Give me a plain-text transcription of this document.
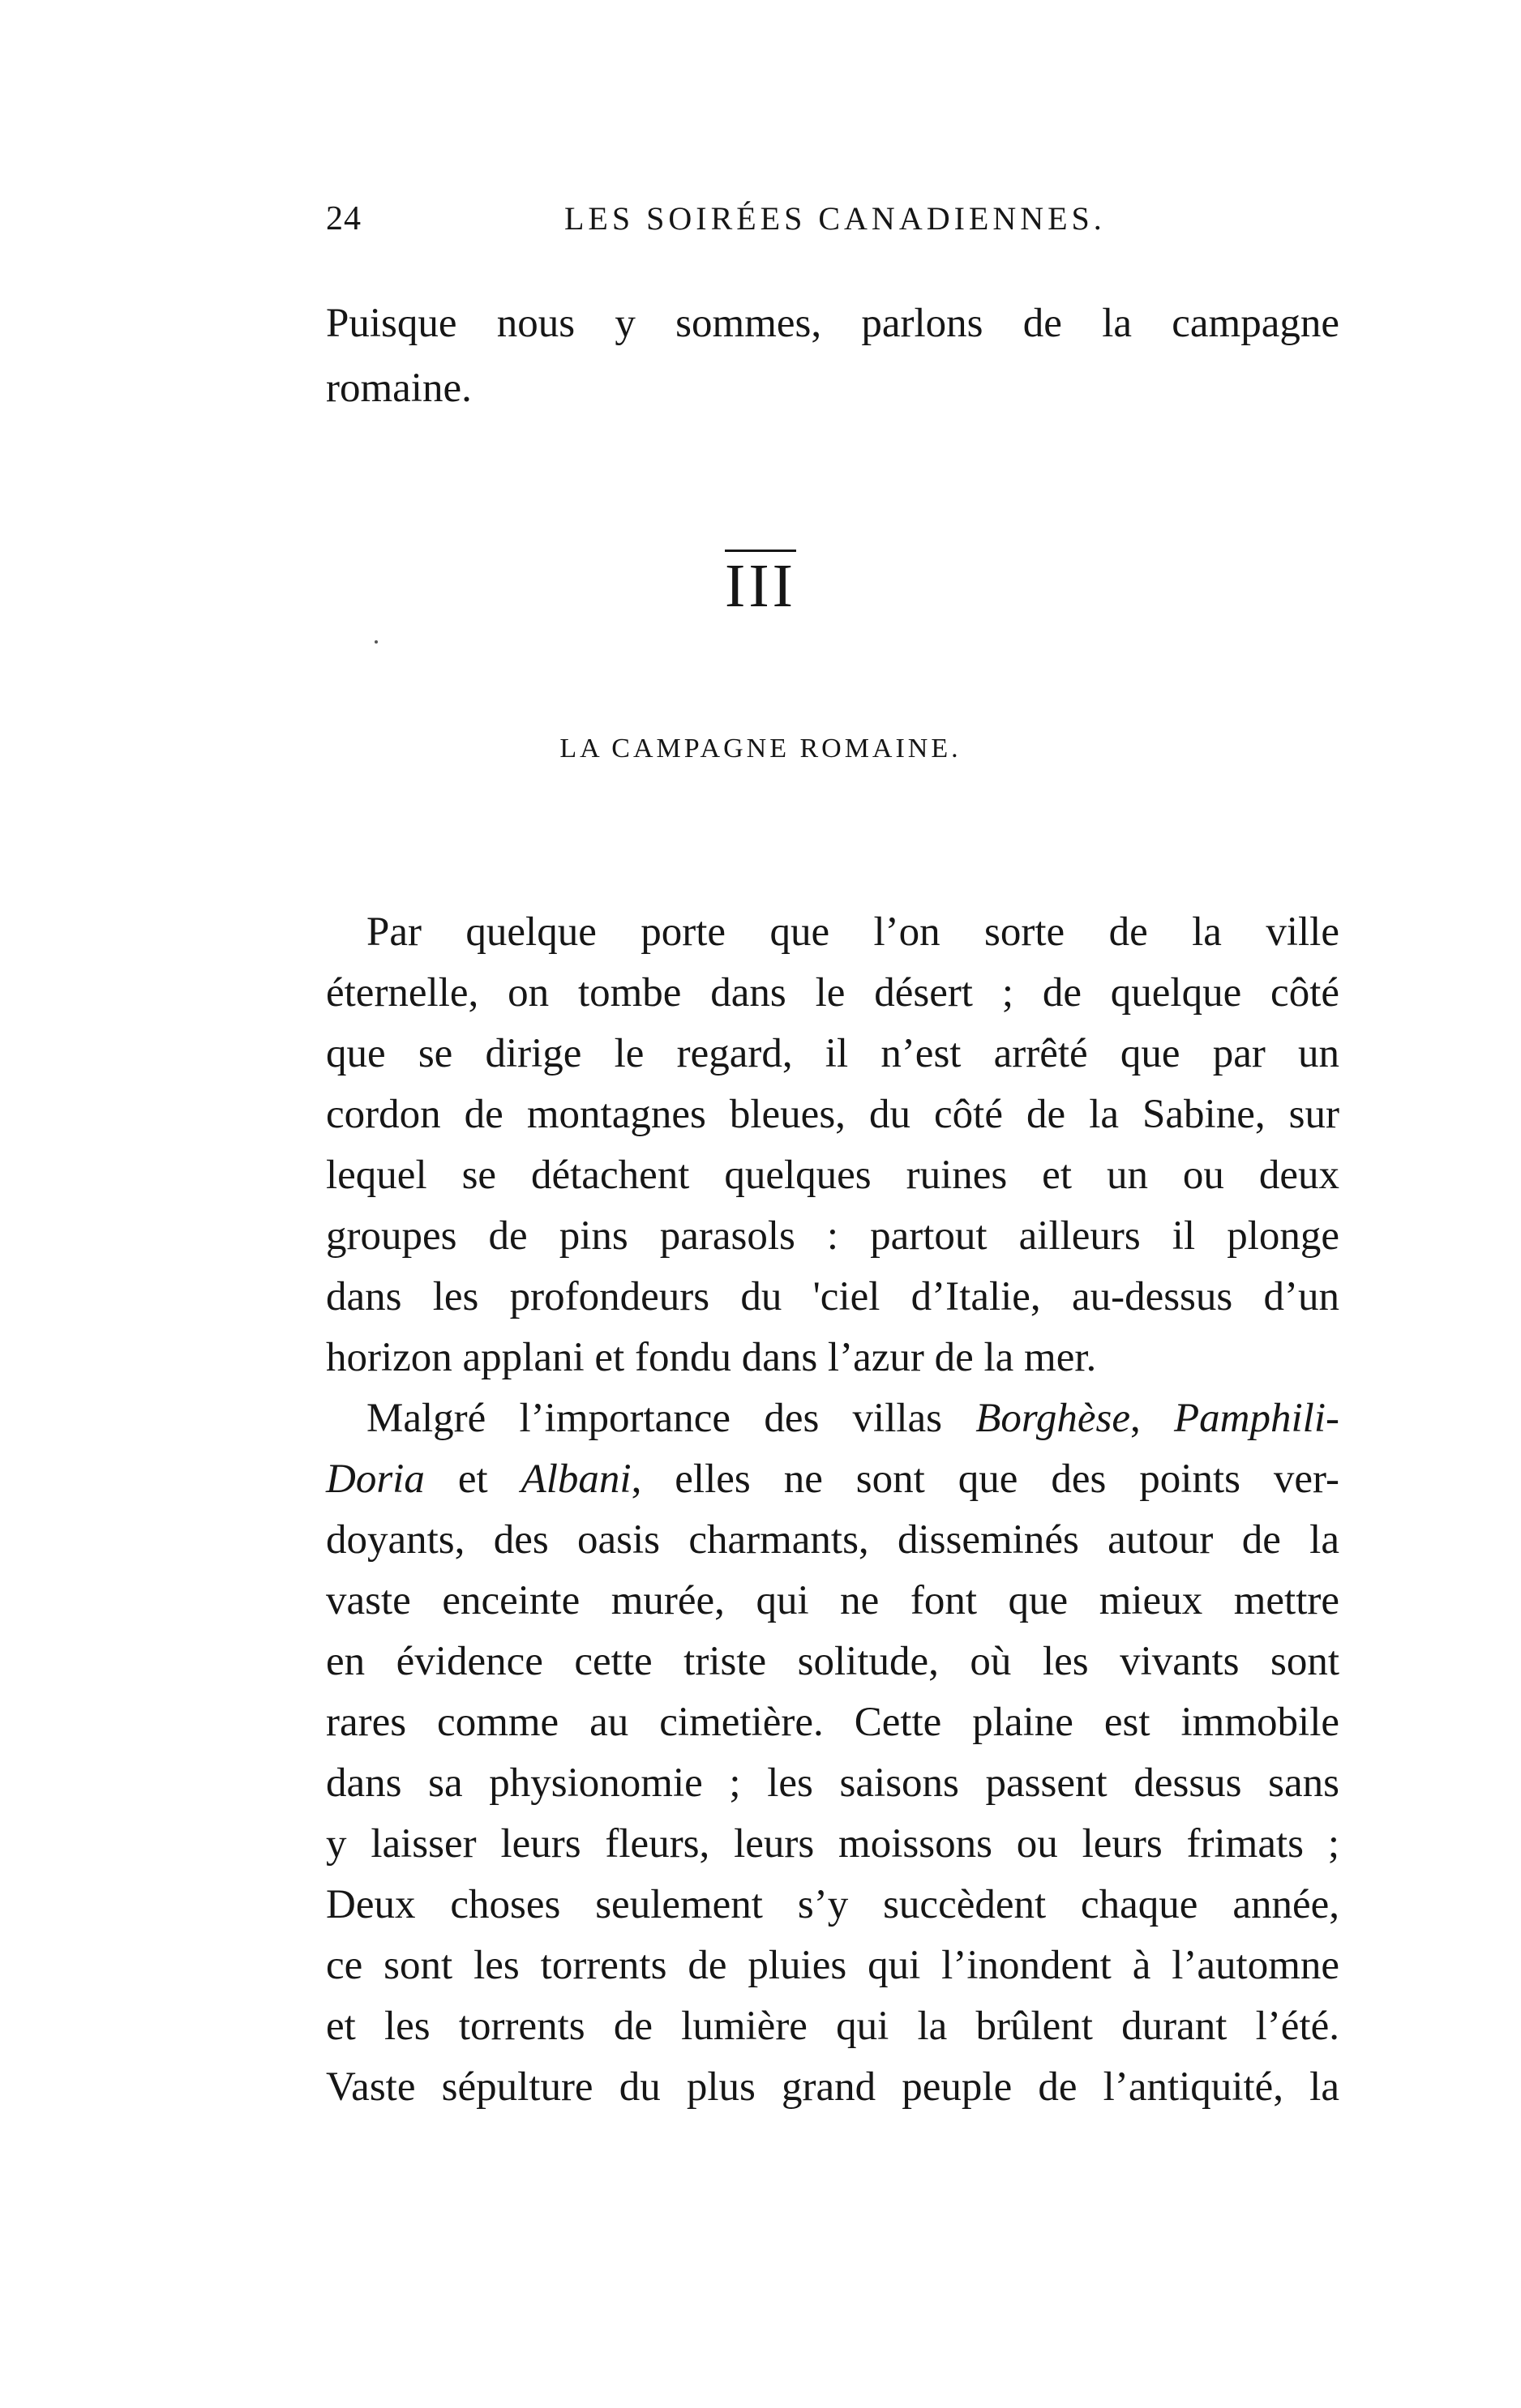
24	LES SOIRÉES CANADIENNES.
Puisque nous y sommes, parlons de la campagne
romaine.
$\overline{III}$
LA CAMPAGNE ROMAINE.
Par quelque porte que l’on sorte de la ville
éternelle, on tombe dans le désert ; de quelque côté
que se dirige le regard, il n’est arrêté que par un
cordon de montagnes bleues, du côté de la Sabine, sur
lequel se détachent quelques ruines et un ou deux
groupes de pins parasols : partout ailleurs il plonge
dans les profondeurs du 'ciel d’Italie, au-dessus d’un
horizon applani et fondu dans l’azur de la mer.
Malgré l’importance des villas Borghèse, Pamphili-
Doria et Albani, elles ne sont que des points ver-
doyants, des oasis charmants, disseminés autour de la
vaste enceinte murée, qui ne font que mieux mettre
en évidence cette triste solitude, où les vivants sont
rares comme au cimetière. Cette plaine est immobile
dans sa physionomie ; les saisons passent dessus sans
y laisser leurs fleurs, leurs moissons ou leurs frimats ;
Deux choses seulement s’y succèdent chaque année,
ce sont les torrents de pluies qui l’inondent à l’automne
et les torrents de lumière qui la brûlent durant l’été.
Vaste sépulture du plus grand peuple de l’antiquité, la
